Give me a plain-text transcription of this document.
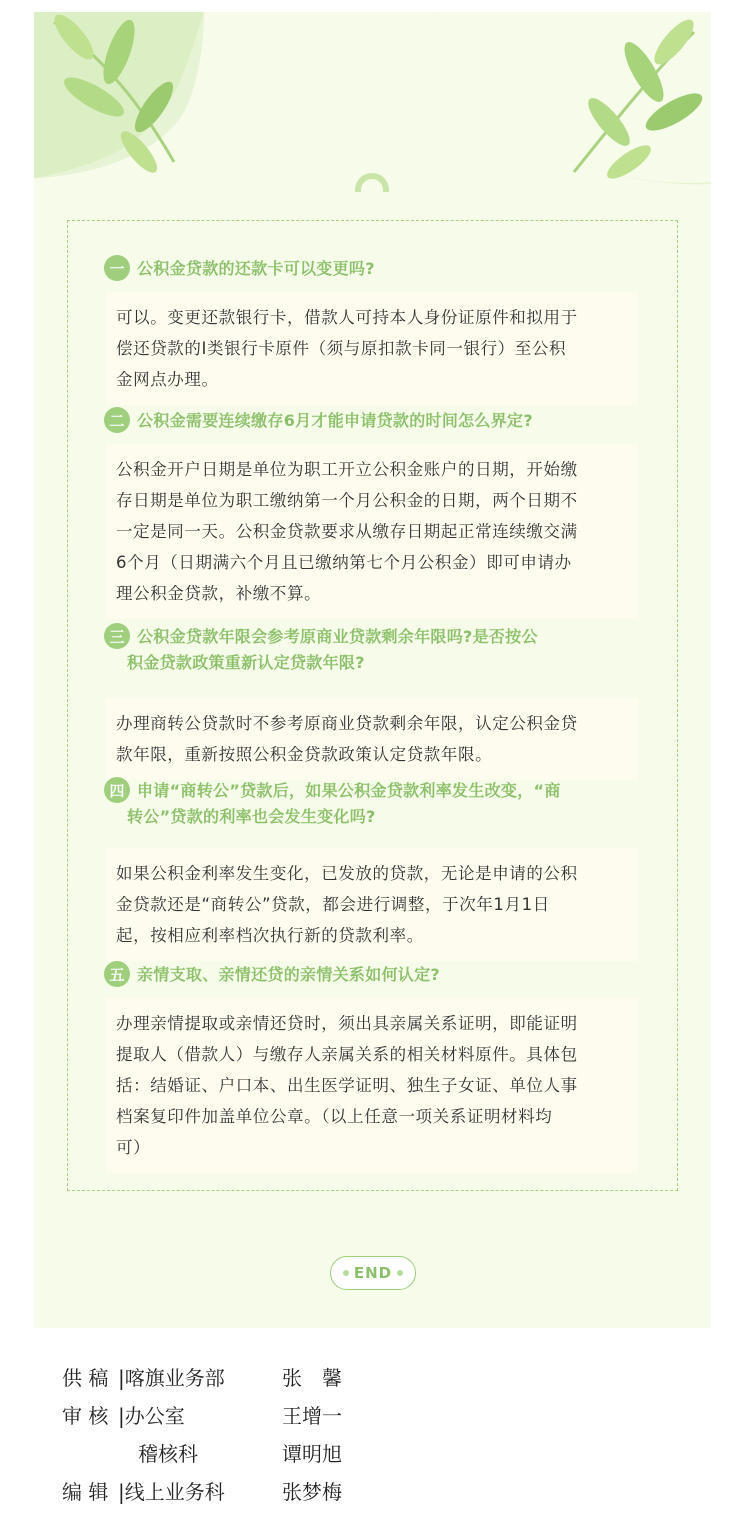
一 公积金贷款的还款卡可以变更吗?
可以。变更还款银行卡，借款人可持本人身份证原件和拟用于
偿还贷款的Ⅰ类银行卡原件（须与原扣款卡同一银行）至公积
金网点办理。
二 公积金需要连续缴存6月才能申请贷款的时间怎么界定?
公积金开户日期是单位为职工开立公积金账户的日期，开始缴
存日期是单位为职工缴纳第一个月公积金的日期，两个日期不
一定是同一天。公积金贷款要求从缴存日期起正常连续缴交满
6个月（日期满六个月且已缴纳第七个月公积金）即可申请办
理公积金贷款，补缴不算。
三 公积金贷款年限会参考原商业贷款剩余年限吗?是否按公
积金贷款政策重新认定贷款年限?
办理商转公贷款时不参考原商业贷款剩余年限，认定公积金贷
款年限，重新按照公积金贷款政策认定贷款年限。
四 申请“商转公”贷款后，如果公积金贷款利率发生改变，“商
转公”贷款的利率也会发生变化吗?
如果公积金利率发生变化，已发放的贷款，无论是申请的公积
金贷款还是“商转公”贷款，都会进行调整，于次年1月1日
起，按相应利率档次执行新的贷款利率。
五 亲情支取、亲情还贷的亲情关系如何认定?
办理亲情提取或亲情还贷时，须出具亲属关系证明，即能证明
提取人（借款人）与缴存人亲属关系的相关材料原件。具体包
括：结婚证、户口本、出生医学证明、独生子女证、单位人事
档案复印件加盖单位公章。（以上任意一项关系证明材料均
可）
END
供 稿 |喀旗业务部	张　馨
审 核 |办公室	王增一
　稽核科	谭明旭
编 辑 |线上业务科	张梦梅
